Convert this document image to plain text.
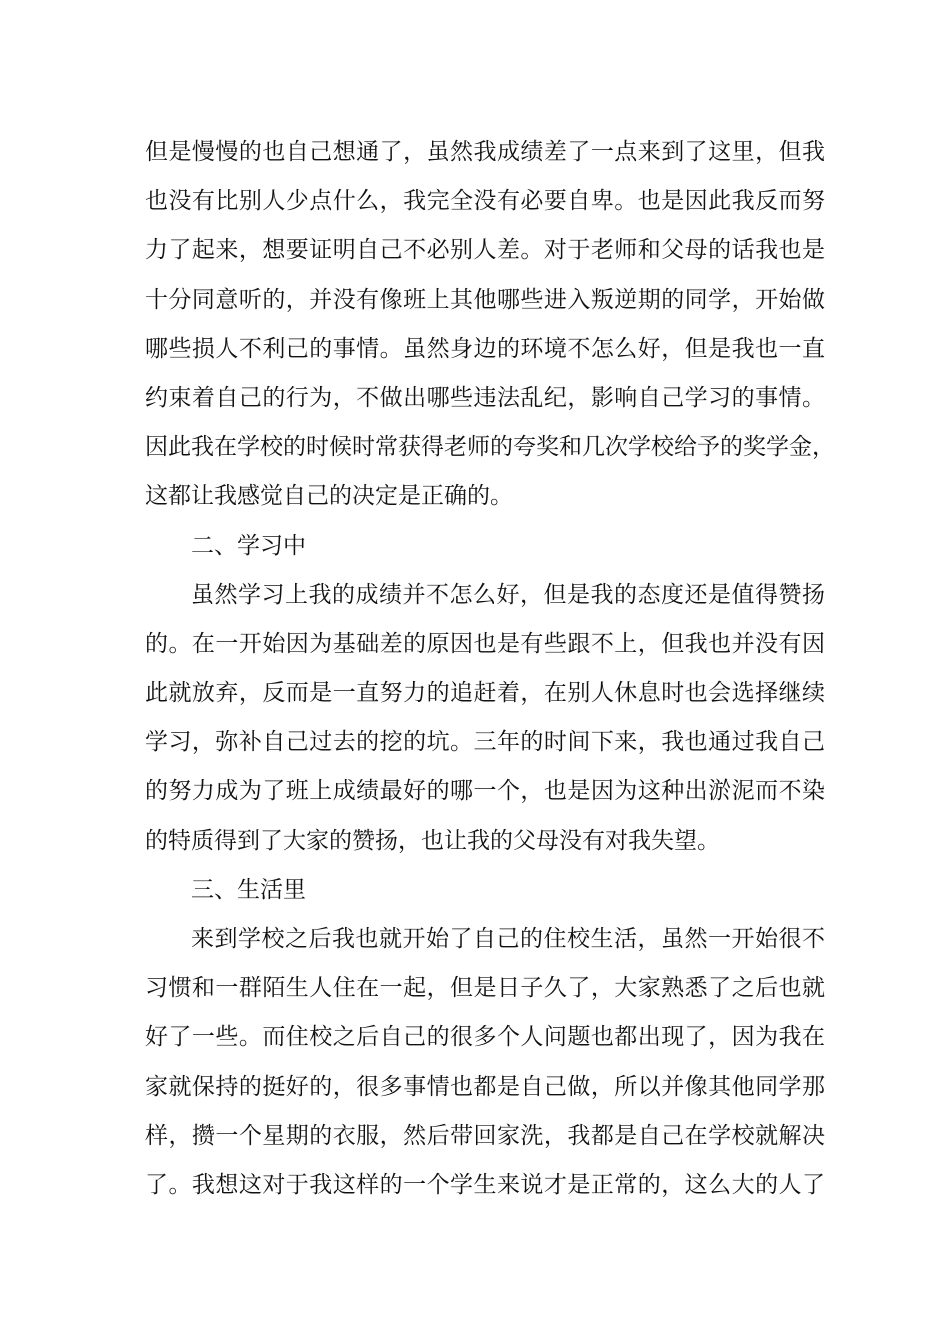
但是慢慢的也自己想通了，虽然我成绩差了一点来到了这里，但我
也没有比别人少点什么，我完全没有必要自卑。也是因此我反而努
力了起来，想要证明自己不必别人差。对于老师和父母的话我也是
十分同意听的，并没有像班上其他哪些进入叛逆期的同学，开始做
哪些损人不利己的事情。虽然身边的环境不怎么好，但是我也一直
约束着自己的行为，不做出哪些违法乱纪，影响自己学习的事情。
因此我在学校的时候时常获得老师的夸奖和几次学校给予的奖学金，
这都让我感觉自己的决定是正确的。
二、学习中
虽然学习上我的成绩并不怎么好，但是我的态度还是值得赞扬
的。在一开始因为基础差的原因也是有些跟不上，但我也并没有因
此就放弃，反而是一直努力的追赶着，在别人休息时也会选择继续
学习，弥补自己过去的挖的坑。三年的时间下来，我也通过我自己
的努力成为了班上成绩最好的哪一个，也是因为这种出淤泥而不染
的特质得到了大家的赞扬，也让我的父母没有对我失望。
三、生活里
来到学校之后我也就开始了自己的住校生活，虽然一开始很不
习惯和一群陌生人住在一起，但是日子久了，大家熟悉了之后也就
好了一些。而住校之后自己的很多个人问题也都出现了，因为我在
家就保持的挺好的，很多事情也都是自己做，所以并像其他同学那
样，攒一个星期的衣服，然后带回家洗，我都是自己在学校就解决
了。我想这对于我这样的一个学生来说才是正常的，这么大的人了
